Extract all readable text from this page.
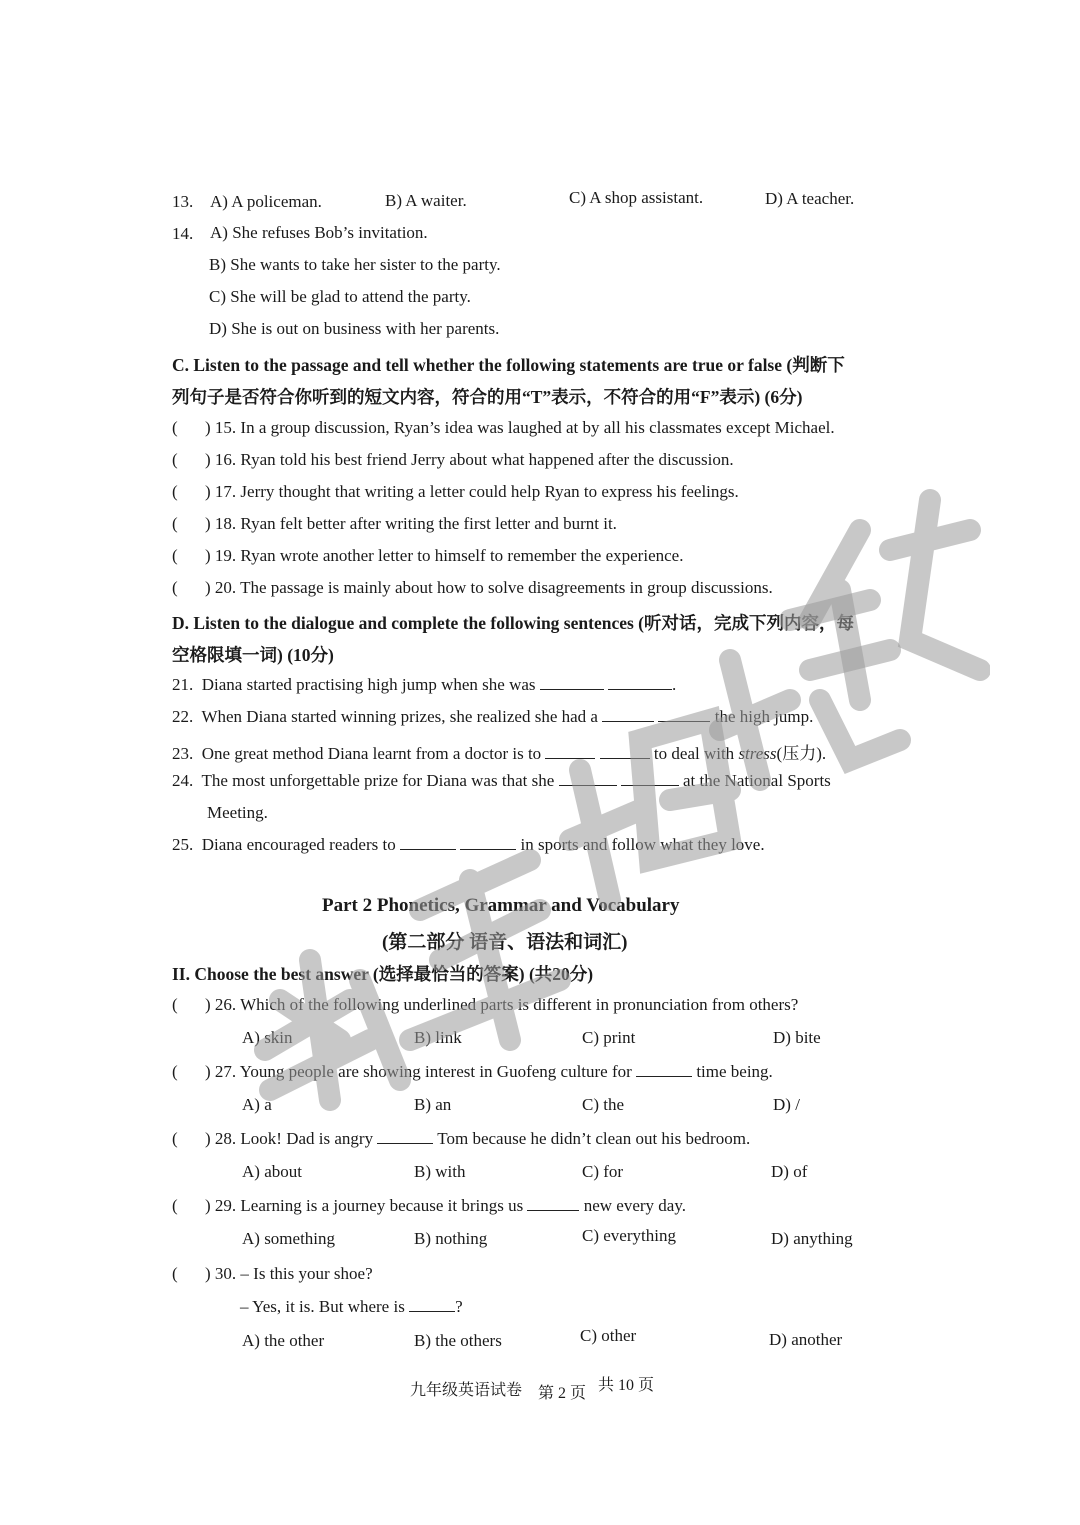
13. A) A policeman.	B) A waiter.	C) A shop assistant.	D) A teacher.
14. A) She refuses Bob’s invitation.
B) She wants to take her sister to the party.
C) She will be glad to attend the party.
D) She is out on business with her parents.
C. Listen to the passage and tell whether the following statements are true or false (判断下
列句子是否符合你听到的短文内容，符合的用“T”表示，不符合的用“F”表示) (6分)
( ) 15. In a group discussion, Ryan’s idea was laughed at by all his classmates except Michael.
( ) 16. Ryan told his best friend Jerry about what happened after the discussion.
( ) 17. Jerry thought that writing a letter could help Ryan to express his feelings.
( ) 18. Ryan felt better after writing the first letter and burnt it.
( ) 19. Ryan wrote another letter to himself to remember the experience.
( ) 20. The passage is mainly about how to solve disagreements in group discussions.
D. Listen to the dialogue and complete the following sentences (听对话，完成下列内容，每
空格限填一词) (10分)
21. Diana started practising high jump when she was	.
22. When Diana started winning prizes, she realized she had a	the high jump.
23. One great method Diana learnt from a doctor is to	to deal with stress(压力).
24. The most unforgettable prize for Diana was that she	at the National Sports
Meeting.
25. Diana encouraged readers to	in sports and follow what they love.
Part 2 Phonetics, Grammar and Vocabulary
(第二部分 语音、语法和词汇)
II. Choose the best answer (选择最恰当的答案) (共20分)
( ) 26. Which of the following underlined parts is different in pronunciation from others?
A) skin	B) link	C) print	D) bite
( ) 27. Young people are showing interest in Guofeng culture for	time being.
A) a	B) an	C) the	D) /
( ) 28. Look! Dad is angry	Tom because he didn’t clean out his bedroom.
A) about	B) with	C) for	D) of
( ) 29. Learning is a journey because it brings us	new every day.
A) something	B) nothing	C) everything	D) anything
( ) 30. – Is this your shoe?
– Yes, it is. But where is	?
A) the other	B) the others	C) other	D) another
九年级英语试卷 第 2 页 共 10 页
